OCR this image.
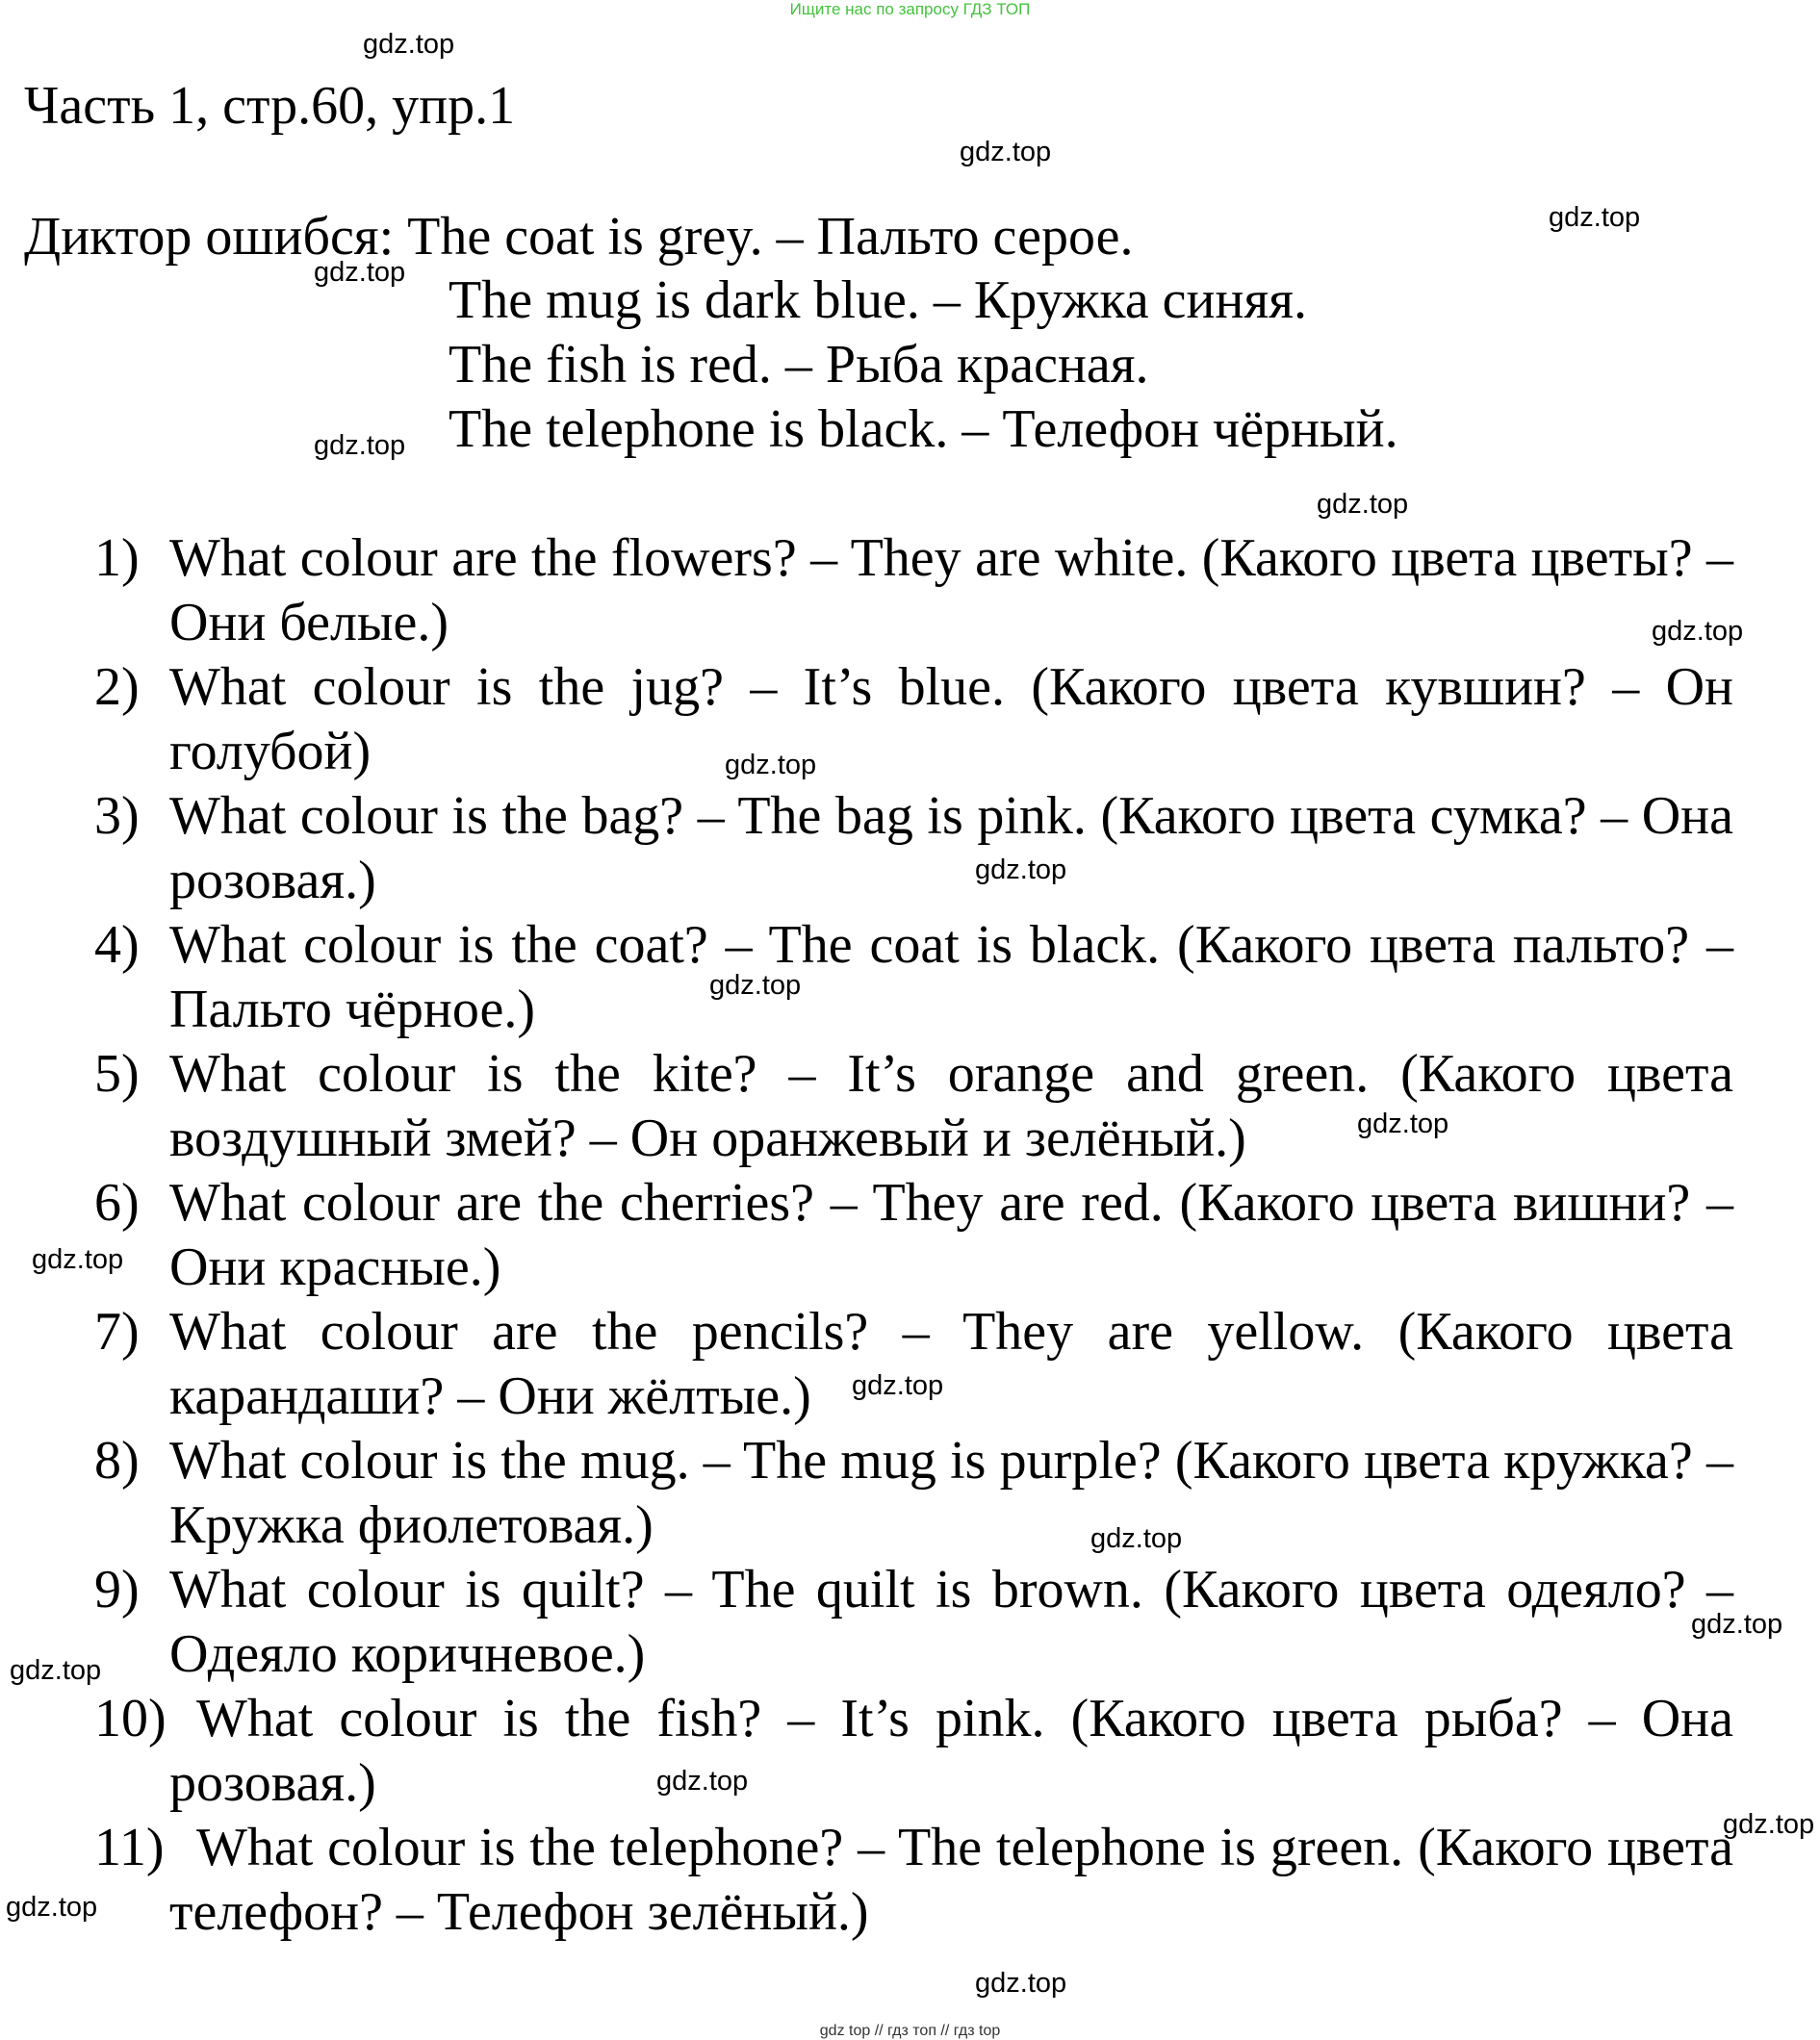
Ищите нас по запросу ГДЗ ТОП
Часть 1, стр.60, упр.1
Диктор ошибся: The coat is grey. – Пальто серое.
The mug is dark blue. – Кружка синяя.
The fish is red. – Рыба красная.
The telephone is black. – Телефон чёрный.
1) What colour are the flowers? – They are white. (Какого цвета цветы? – Они белые.)
2) What colour is the jug? – It’s blue. (Какого цвета кувшин? – Он голубой)
3) What colour is the bag? – The bag is pink. (Какого цвета сумка? – Она розовая.)
4) What colour is the coat? – The coat is black. (Какого цвета пальто? – Пальто чёрное.)
5) What colour is the kite? – It’s orange and green. (Какого цвета воздушный змей? – Он оранжевый и зелёный.)
6) What colour are the cherries? – They are red. (Какого цвета вишни? – Они красные.)
7) What colour are the pencils? – They are yellow. (Какого цвета карандаши? – Они жёлтые.)
8) What colour is the mug. – The mug is purple? (Какого цвета кружка? – Кружка фиолетовая.)
9) What colour is quilt? – The quilt is brown. (Какого цвета одеяло? – Одеяло коричневое.)
10) What colour is the fish? – It’s pink. (Какого цвета рыба? – Она розовая.)
11) What colour is the telephone? – The telephone is green. (Какого цвета телефон? – Телефон зелёный.)
gdz.top
gdz.top
gdz.top
gdz.top
gdz.top
gdz.top
gdz.top
gdz.top
gdz.top
gdz.top
gdz.top
gdz.top
gdz.top
gdz.top
gdz.top
gdz.top
gdz.top
gdz.top
gdz.top
gdz.top
gdz top // гдз топ // гдз top
